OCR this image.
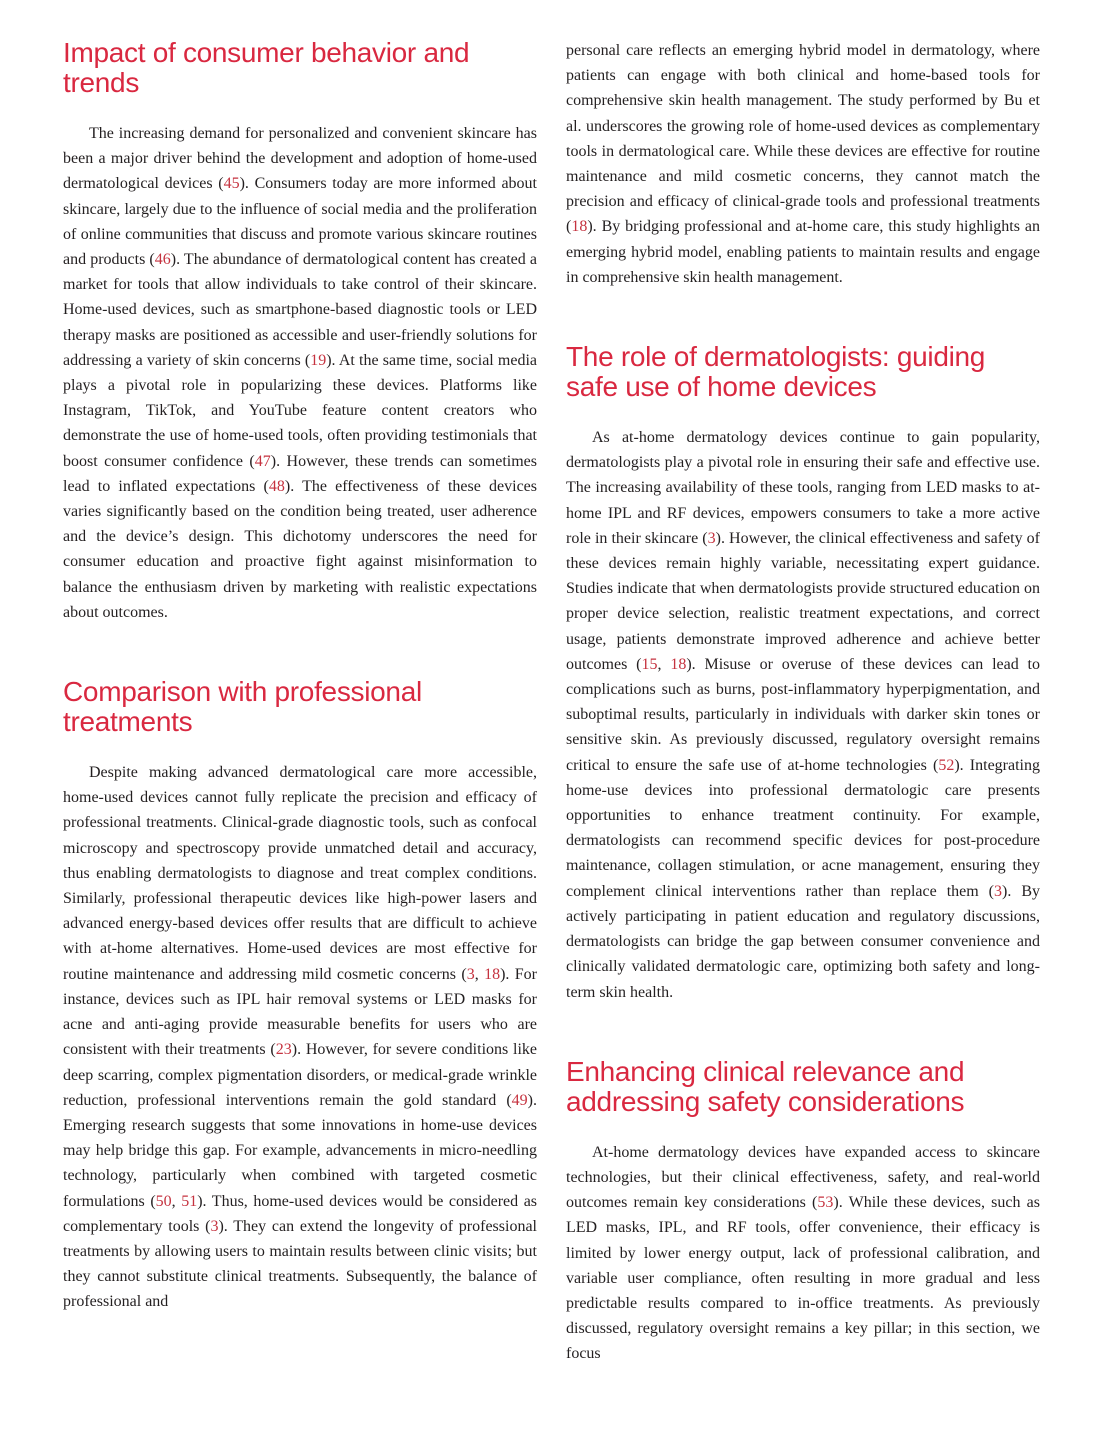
Impact of consumer behavior and trends

The increasing demand for personalized and convenient skincare has been a major driver behind the development and adoption of home-used dermatological devices (45). Consumers today are more informed about skincare, largely due to the influence of social media and the proliferation of online communities that discuss and promote various skincare routines and products (46). The abundance of dermatological content has created a market for tools that allow individuals to take control of their skincare. Home-used devices, such as smartphone-based diagnostic tools or LED therapy masks are positioned as accessible and user-friendly solutions for addressing a variety of skin concerns (19). At the same time, social media plays a pivotal role in popularizing these devices. Platforms like Instagram, TikTok, and YouTube feature content creators who demonstrate the use of home-used tools, often providing testimonials that boost consumer confidence (47). However, these trends can sometimes lead to inflated expectations (48). The effectiveness of these devices varies significantly based on the condition being treated, user adherence and the device’s design. This dichotomy underscores the need for consumer education and proactive fight against misinformation to balance the enthusiasm driven by marketing with realistic expectations about outcomes.

Comparison with professional treatments

Despite making advanced dermatological care more accessible, home-used devices cannot fully replicate the precision and efficacy of professional treatments. Clinical-grade diagnostic tools, such as confocal microscopy and spectroscopy provide unmatched detail and accuracy, thus enabling dermatologists to diagnose and treat complex conditions. Similarly, professional therapeutic devices like high-power lasers and advanced energy-based devices offer results that are difficult to achieve with at-home alternatives. Home-used devices are most effective for routine maintenance and addressing mild cosmetic concerns (3, 18). For instance, devices such as IPL hair removal systems or LED masks for acne and anti-aging provide measurable benefits for users who are consistent with their treatments (23). However, for severe conditions like deep scarring, complex pigmentation disorders, or medical-grade wrinkle reduction, professional interventions remain the gold standard (49). Emerging research suggests that some innovations in home-use devices may help bridge this gap. For example, advancements in micro-needling technology, particularly when combined with targeted cosmetic formulations (50, 51). Thus, home-used devices would be considered as complementary tools (3). They can extend the longevity of professional treatments by allowing users to maintain results between clinic visits; but they cannot substitute clinical treatments. Subsequently, the balance of professional and

personal care reflects an emerging hybrid model in dermatology, where patients can engage with both clinical and home-based tools for comprehensive skin health management. The study performed by Bu et al. underscores the growing role of home-used devices as complementary tools in dermatological care. While these devices are effective for routine maintenance and mild cosmetic concerns, they cannot match the precision and efficacy of clinical-grade tools and professional treatments (18). By bridging professional and at-home care, this study highlights an emerging hybrid model, enabling patients to maintain results and engage in comprehensive skin health management.

The role of dermatologists: guiding safe use of home devices

As at-home dermatology devices continue to gain popularity, dermatologists play a pivotal role in ensuring their safe and effective use. The increasing availability of these tools, ranging from LED masks to at-home IPL and RF devices, empowers consumers to take a more active role in their skincare (3). However, the clinical effectiveness and safety of these devices remain highly variable, necessitating expert guidance. Studies indicate that when dermatologists provide structured education on proper device selection, realistic treatment expectations, and correct usage, patients demonstrate improved adherence and achieve better outcomes (15, 18). Misuse or overuse of these devices can lead to complications such as burns, post-inflammatory hyperpigmentation, and suboptimal results, particularly in individuals with darker skin tones or sensitive skin. As previously discussed, regulatory oversight remains critical to ensure the safe use of at-home technologies (52). Integrating home-use devices into professional dermatologic care presents opportunities to enhance treatment continuity. For example, dermatologists can recommend specific devices for post-procedure maintenance, collagen stimulation, or acne management, ensuring they complement clinical interventions rather than replace them (3). By actively participating in patient education and regulatory discussions, dermatologists can bridge the gap between consumer convenience and clinically validated dermatologic care, optimizing both safety and long-term skin health.

Enhancing clinical relevance and addressing safety considerations

At-home dermatology devices have expanded access to skincare technologies, but their clinical effectiveness, safety, and real-world outcomes remain key considerations (53). While these devices, such as LED masks, IPL, and RF tools, offer convenience, their efficacy is limited by lower energy output, lack of professional calibration, and variable user compliance, often resulting in more gradual and less predictable results compared to in-office treatments. As previously discussed, regulatory oversight remains a key pillar; in this section, we focus
